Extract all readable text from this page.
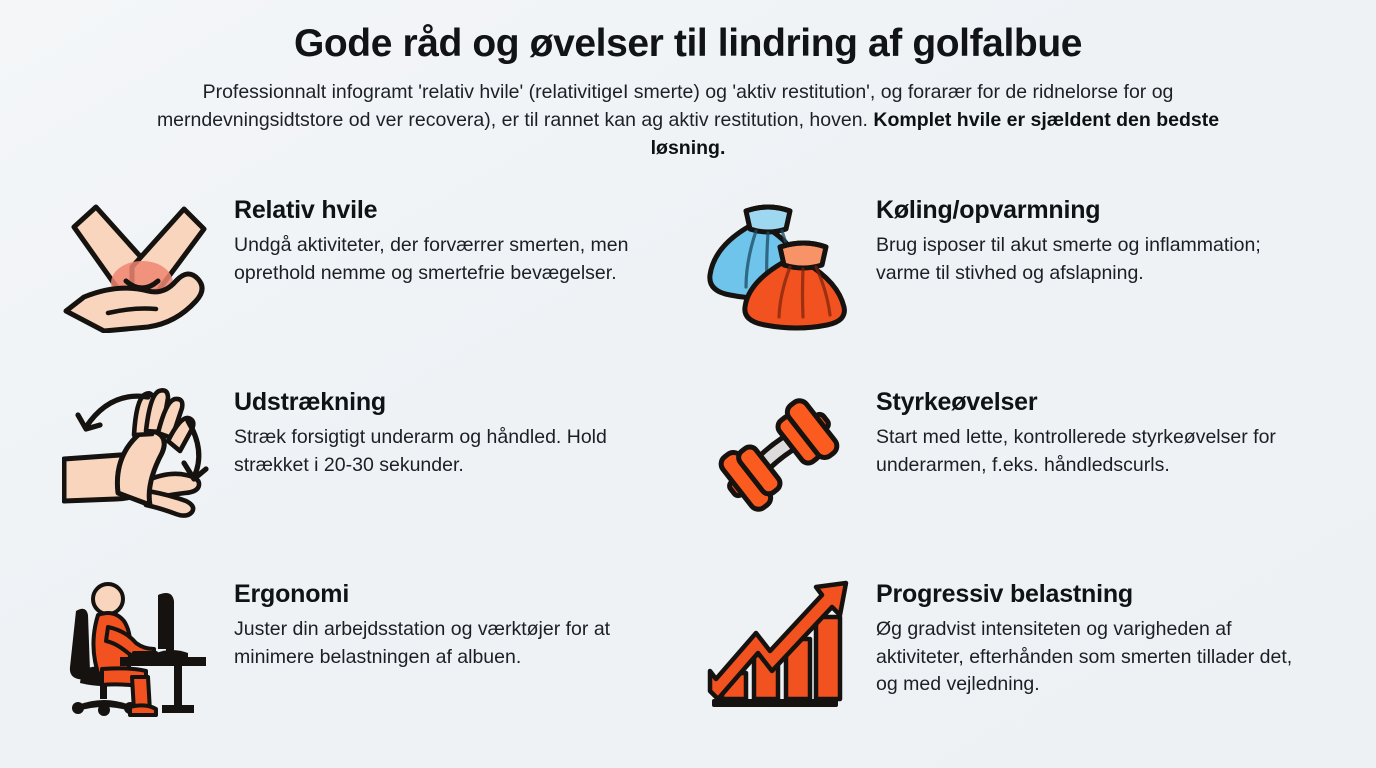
Gode råd og øvelser til lindring af golfalbue

Professionnalt infogramt 'relativ hvile' (relativitigeI smerte) og 'aktiv restitution', og forarær for de ridnelorse for og merndevningsidtstore od ver recovera), er til rannet kan ag aktiv restitution, hoven. Komplet hvile er sjældent den bedste løsning.

Relativ hvile
Undgå aktiviteter, der forværrer smerten, men oprethold nemme og smertefrie bevægelser.
Køling/opvarmning
Brug isposer til akut smerte og inflammation; varme til stivhed og afslapning.
Udstrækning
Stræk forsigtigt underarm og håndled. Hold strækket i 20-30 sekunder.
Styrkeøvelser
Start med lette, kontrollerede styrkeøvelser for underarmen, f.eks. håndledscurls.
Ergonomi
Juster din arbejdsstation og værktøjer for at minimere belastningen af albuen.
Progressiv belastning
Øg gradvist intensiteten og varigheden af aktiviteter, efterhånden som smerten tillader det, og med vejledning.
